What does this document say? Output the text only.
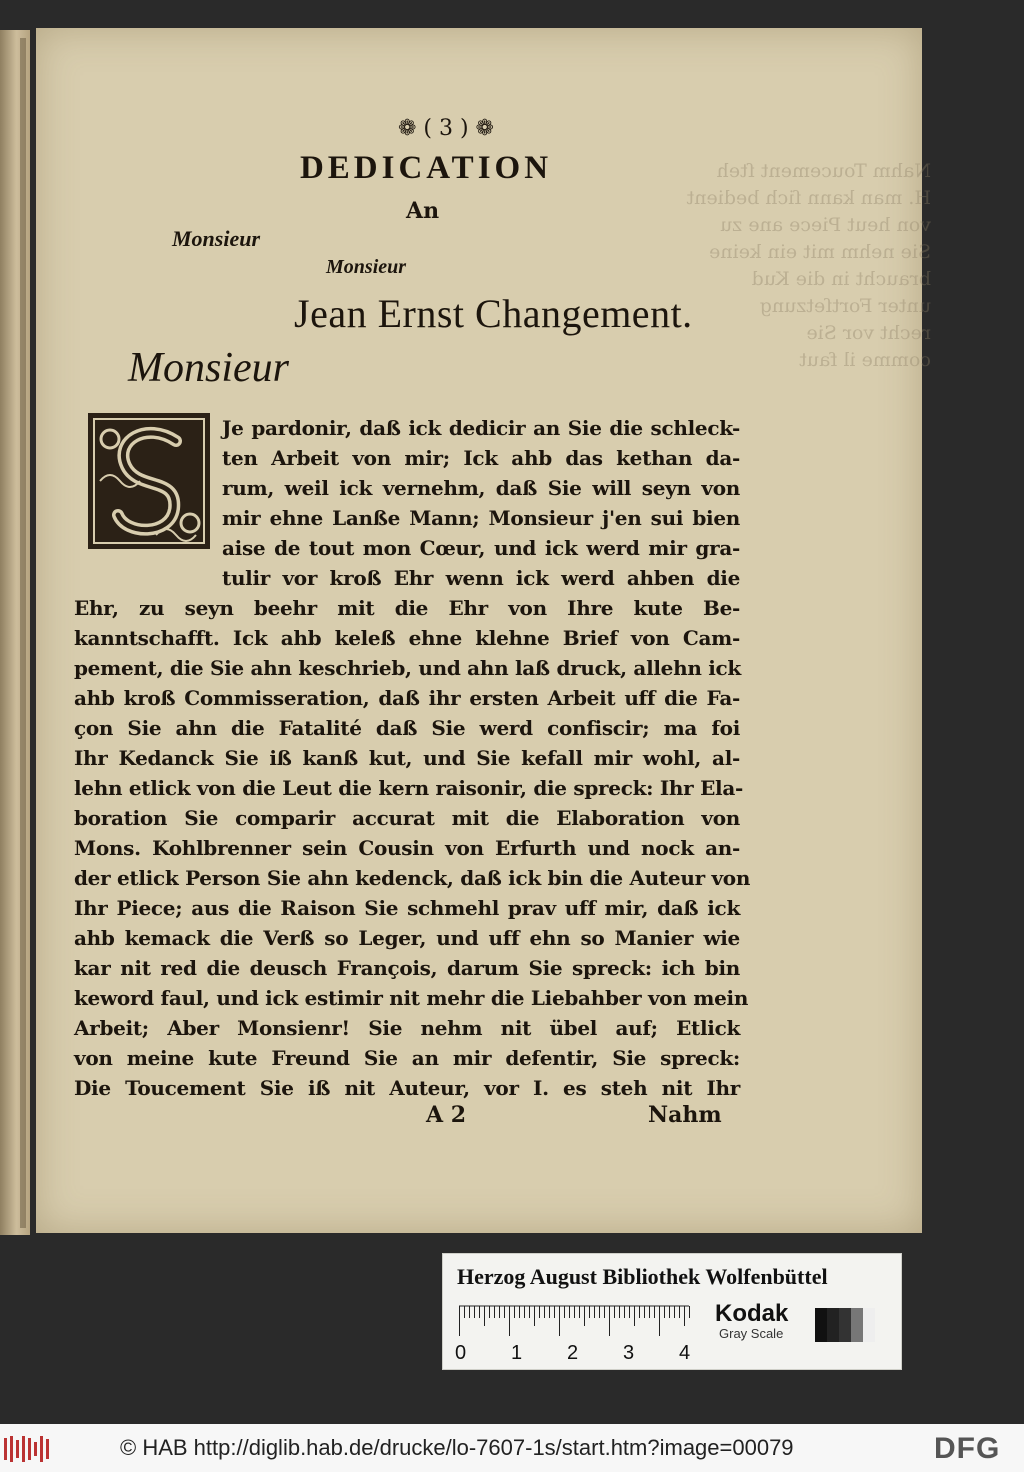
Nahm Toucement ſteh
H. man kann ſich bedient
von heut Piece ane zu
Sie nehm mit ein keine
braucht in die Kud
unter Fortſetzung
recht vor Sie
comme il faut
❁ ( 3 ) ❁
DEDICATION
An
Monsieur
Monsieur
Jean Ernst Changement.
Monsieur
Je pardonir, daß ick dedicir an Sie die schleck-
ten Arbeit von mir; Ick ahb das kethan da-
rum, weil ick vernehm, daß Sie will seyn von
mir ehne Lanße Mann; Monsieur j'en sui bien
aise de tout mon Cœur, und ick werd mir gra-
tulir vor kroß Ehr wenn ick werd ahben die
Ehr, zu seyn beehr mit die Ehr von Ihre kute Be-
kanntschafft. Ick ahb keleß ehne klehne Brief von Cam-
pement, die Sie ahn keschrieb, und ahn laß druck, allehn ick
ahb kroß Commisseration, daß ihr ersten Arbeit uff die Fa-
çon Sie ahn die Fatalité daß Sie werd confiscir; ma foi
Ihr Kedanck Sie iß kanß kut, und Sie kefall mir wohl, al-
lehn etlick von die Leut die kern raisonir, die spreck: Ihr Ela-
boration Sie comparir accurat mit die Elaboration von
Mons. Kohlbrenner sein Cousin von Erfurth und nock an-
der etlick Person Sie ahn kedenck, daß ick bin die Auteur von
Ihr Piece; aus die Raison Sie schmehl prav uff mir, daß ick
ahb kemack die Verß so Leger, und uff ehn so Manier wie
kar nit red die deusch François, darum Sie spreck: ich bin
keword faul, und ick estimir nit mehr die Liebahber von mein
Arbeit; Aber Monsienr! Sie nehm nit übel auf; Etlick
von meine kute Freund Sie an mir defentir, Sie spreck:
Die Toucement Sie iß nit Auteur, vor I. es steh nit Ihr
A 2	Nahm
Herzog August Bibliothek Wolfenbüttel
0 1 2 3 4
Kodak
Gray Scale
© HAB http://diglib.hab.de/drucke/lo-7607-1s/start.htm?image=00079	DFG
